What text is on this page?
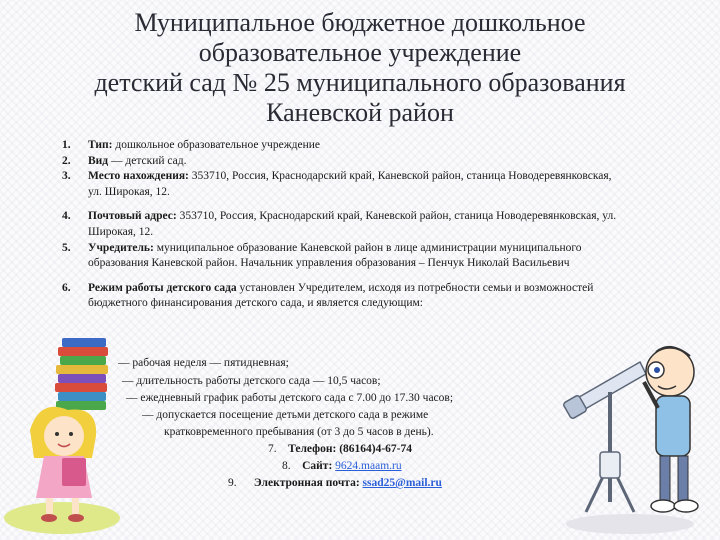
Муниципальное бюджетное дошкольное
образовательное учреждение
детский сад № 25 муниципального образования
Каневской район
1. Тип: дошкольное образовательное учреждение
2. Вид — детский сад.
3. Место нахождения: 353710, Россия, Краснодарский край, Каневской район, станица Новодеревянковская, ул. Широкая, 12.
4. Почтовый адрес: 353710, Россия, Краснодарский край, Каневской район, станица Новодеревянковская, ул. Широкая, 12.
5. Учредитель: муниципальное образование Каневской район в лице администрации муниципального образования Каневской район. Начальник управления образования – Пенчук Николай Васильевич
6. Режим работы детского сада установлен Учредителем, исходя из потребности семьи и возможностей бюджетного финансирования детского сада, и является следующим:
— рабочая неделя — пятидневная;
— длительность работы детского сада — 10,5 часов;
— ежедневный график работы детского сада с 7.00 до 17.30 часов;
— допускается посещение детьми детского сада в режиме
кратковременного пребывания (от 3 до 5 часов в день).
7. Телефон: (86164)4-67-74
8. Сайт: 9624.maam.ru
9. Электронная почта: ssad25@mail.ru
